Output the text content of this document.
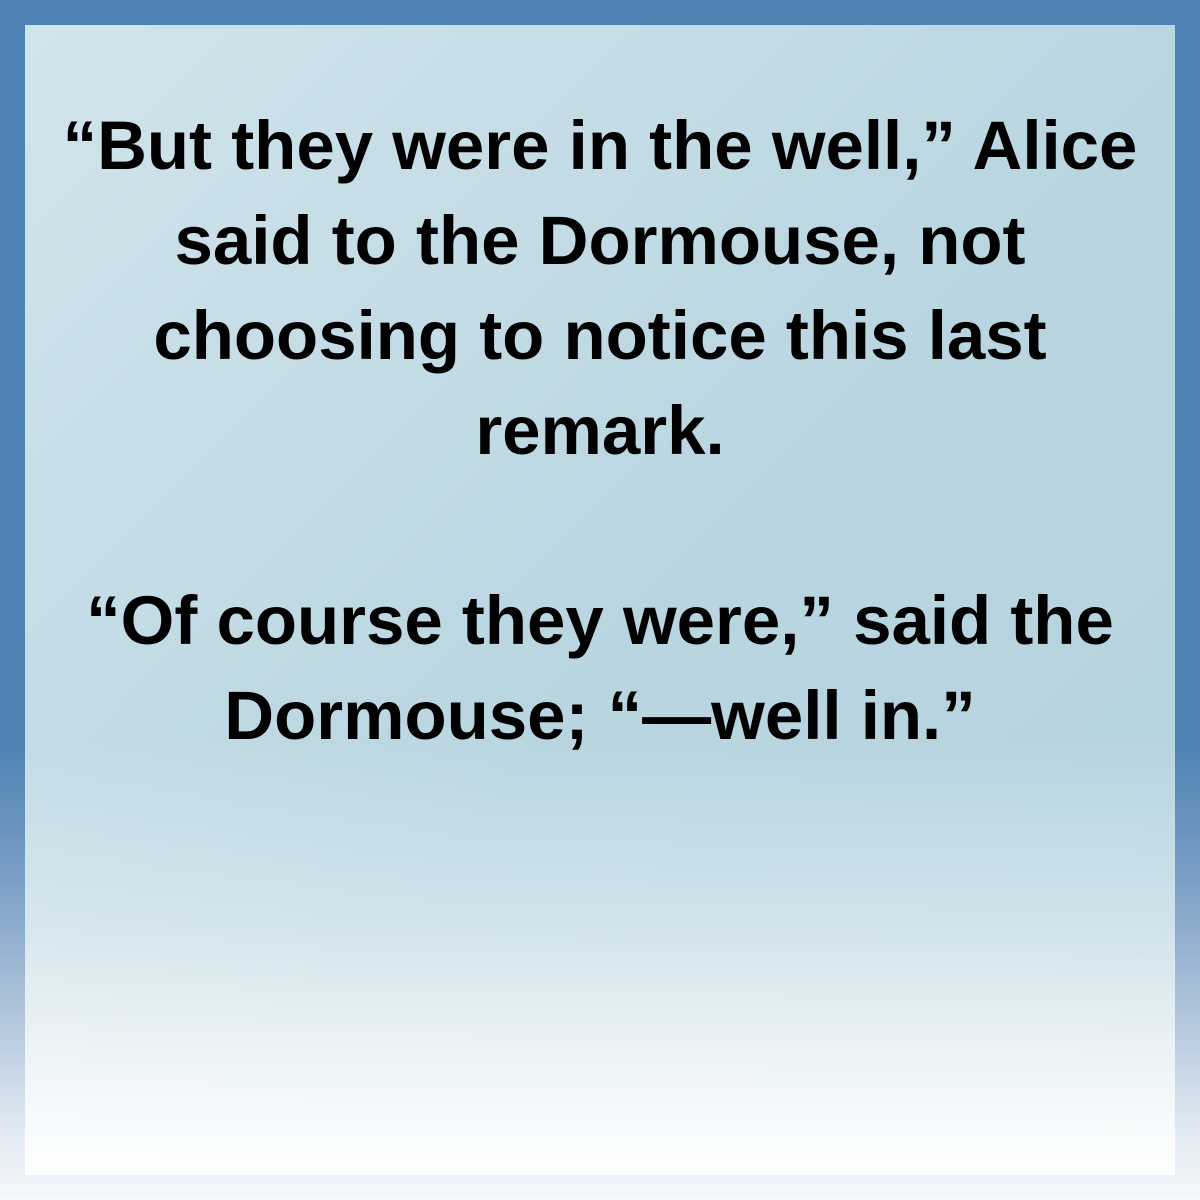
“But they were in the well,” Alice said to the Dormouse, not choosing to notice this last remark.

“Of course they were,” said the Dormouse; “—well in.”
